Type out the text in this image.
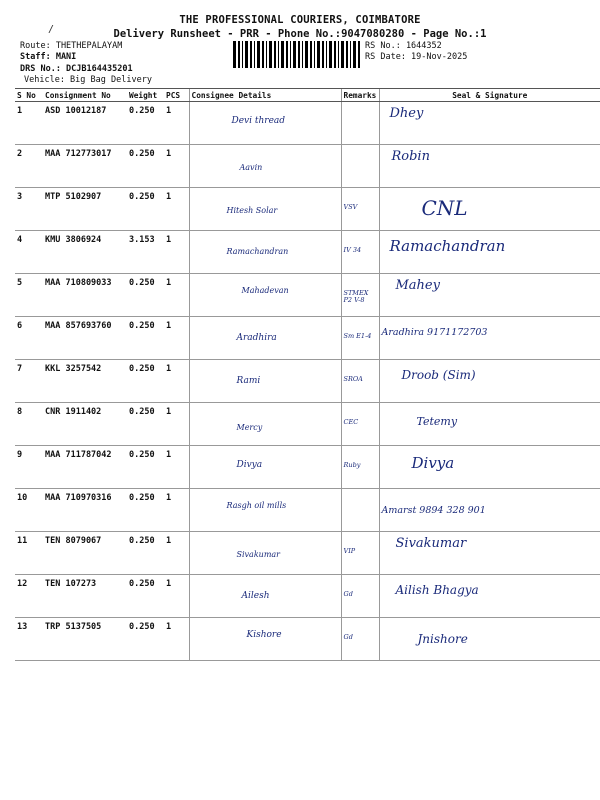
/
THE PROFESSIONAL COURIERS, COIMBATORE
Delivery Runsheet - PRR - Phone No.:9047080280 - Page No.:1
Route: THETHEPALAYAM
Staff: MANI
DRS No.: DCJB164435201
Vehicle: Big Bag Delivery
RS No.: 1644352
RS Date: 19-Nov-2025
S No	Consignment No	Weight	PCS	Consignee Details	Remarks	Seal & Signature
1	ASD 10012187	0.250	1	Devi thread		Dhey
2	MAA 712773017	0.250	1	Aavin		Robin
3	MTP 5102907	0.250	1	Hitesh Solar	VSV	CNL
4	KMU 3806924	3.153	1	Ramachandran	IV 34	Ramachandran
5	MAA 710809033	0.250	1	Mahadevan	STMEX P2 V-8	Mahey
6	MAA 857693760	0.250	1	Aradhira	Sm E1-4	Aradhira 9171172703
7	KKL 3257542	0.250	1	Rami	SROA	Droob (Sim)
8	CNR 1911402	0.250	1	Mercy	CEC	Tetemy
9	MAA 711787042	0.250	1	Divya	Ruby	Divya
10	MAA 710970316	0.250	1	Rasgh oil mills		Amarst 9894 328 901
11	TEN 8079067	0.250	1	Sivakumar	VIP	Sivakumar
12	TEN 107273	0.250	1	Ailesh	Gd	Ailish Bhagya
13	TRP 5137505	0.250	1	Kishore	Gd	Jnishore
